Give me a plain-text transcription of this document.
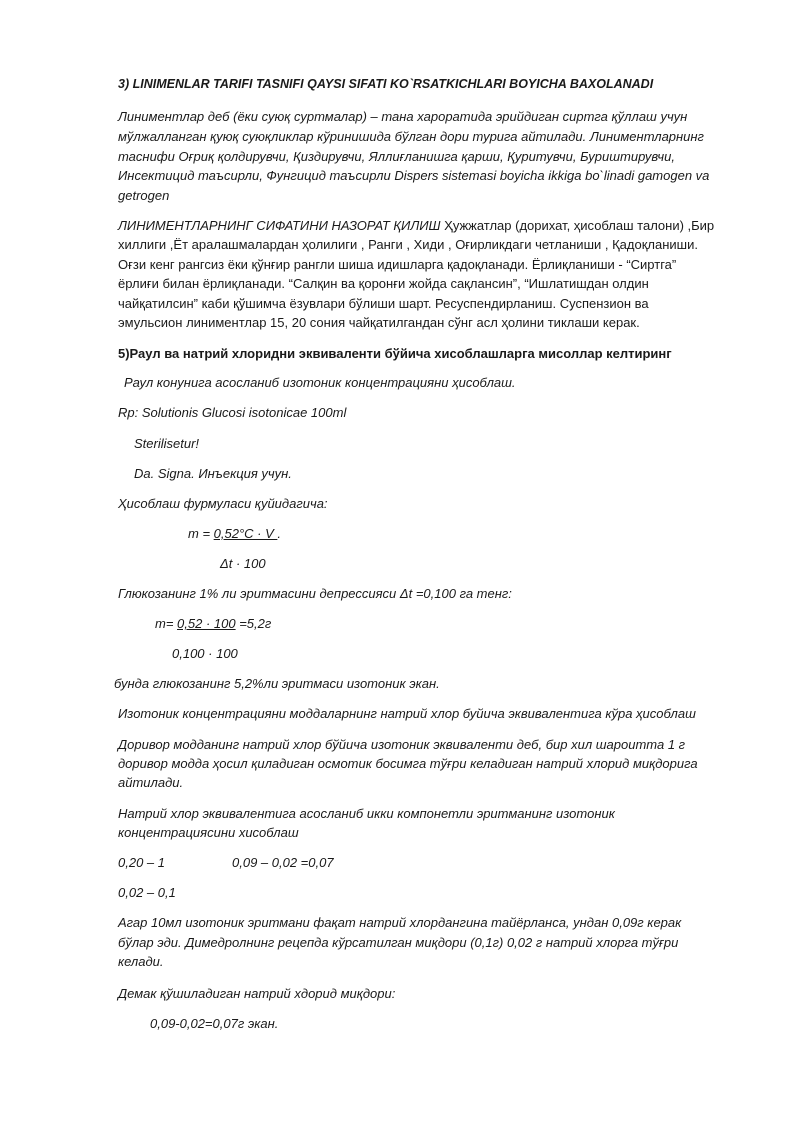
3) LINIMENLAR TARIFI TASNIFI QAYSI SIFATI KO`RSATKICHLARI BOYICHA BAXOLANADI
Линиментлар деб (ёки суюқ суртмалар) – тана хароратида эрийдиган сиртга қўллаш учун
мўлжалланган қуюқ суюқликлар кўринишида бўлган дори турига айтилади. Линиментларнинг
таснифи Оғриқ қолдирувчи, Қиздирувчи, Яллиғланишга қарши, Қуритувчи, Буриштирувчи,
Инсектицид таъсирли, Фунгицид таъсирли Dispers sistemasi boyicha ikkiga bo`linadi gamogen va
getrogen
ЛИНИМЕНТЛАРНИНГ СИФАТИНИ НАЗОРАТ ҚИЛИШ Ҳужжатлар (дорихат, ҳисоблаш талони) ,Бир
хиллиги ,Ёт аралашмалардан ҳолилиги , Ранги , Хиди , Оғирликдаги четланиши , Қадоқланиши.
Оғзи кенг рангсиз ёки қўнғир рангли шиша идишларга қадоқланади. Ёрлиқланиши - “Сиртга”
ёрлиғи билан ёрлиқланади. “Салқин ва қоронғи жойда сақлансин”, “Ишлатишдан олдин
чайқатилсин” каби қўшимча ёзувлари бўлиши шарт. Ресуспендирланиш. Суспензион ва
эмульсион линиментлар 15, 20 сония чайқатилгандан сўнг асл ҳолини тиклаши керак.
5)Раул ва натрий хлоридни эквиваленти бўйича хисоблашларга мисоллар келтиринг
Раул конунига асосланиб изотоник концентрацияни ҳисоблаш.
Rp: Solutionis Glucosi isotonicae 100ml
Sterilisetur!
Da. Signa. Инъекция учун.
Ҳисоблаш фурмуласи қуйидагича:
m = 0,52°С · V .
Δt · 100
Глюкозанинг 1% ли эритмасини депрессияси Δt =0,100 га тенг:
m= 0,52 · 100 =5,2г
0,100 · 100
бунда глюкозанинг 5,2%ли эритмаси изотоник экан.
Изотоник концентрацияни моддаларнинг натрий хлор буйича эквивалентига кўра ҳисоблаш
Доривор модданинг натрий хлор бўйича изотоник эквиваленти деб, бир хил шароитта 1 г
доривор модда ҳосил қиладиган осмотик босимга тўғри келадиган натрий хлорид миқдорига
айтилади.
Натрий хлор эквивалентига асосланиб икки компонетли эритманинг изотоник
концентрациясини хисоблаш
0,20 – 1	0,09 – 0,02 =0,07
0,02 – 0,1
Агар 10мл изотоник эритмани фақат натрий хлордангина тайёрланса, ундан 0,09г керак
бўлар эди. Димедролнинг рецепда кўрсатилган миқдори (0,1г) 0,02 г натрий хлорга тўғри
келади.
Демак қўшиладиган натрий хдорид миқдори:
0,09-0,02=0,07г экан.
